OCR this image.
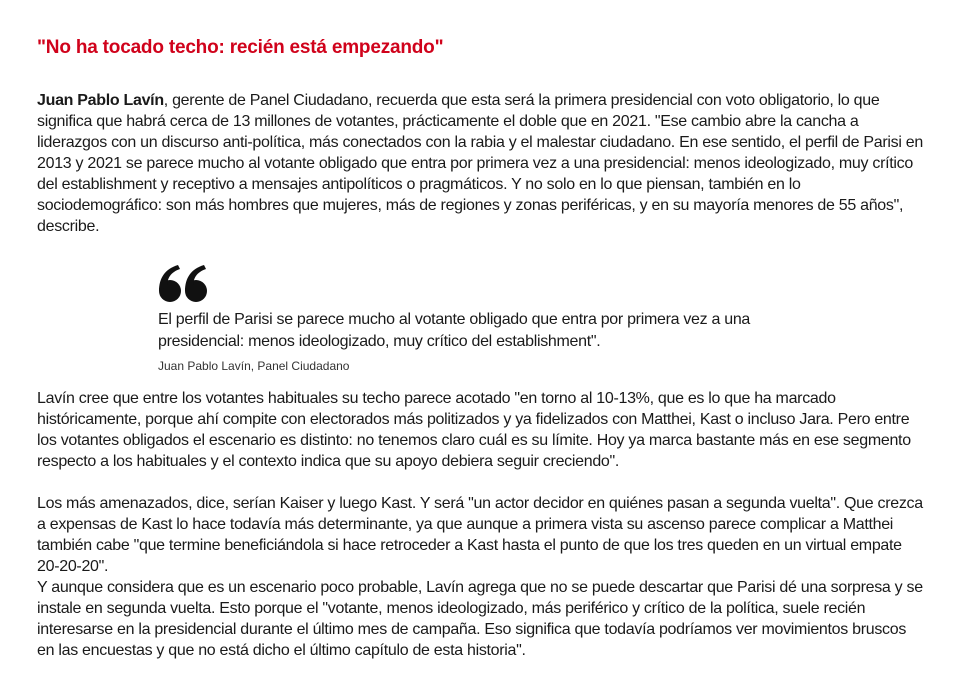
"No ha tocado techo: recién está empezando"

Juan Pablo Lavín, gerente de Panel Ciudadano, recuerda que esta será la primera presidencial con voto obligatorio, lo que significa que habrá cerca de 13 millones de votantes, prácticamente el doble que en 2021. "Ese cambio abre la cancha a liderazgos con un discurso anti-política, más conectados con la rabia y el malestar ciudadano. En ese sentido, el perfil de Parisi en 2013 y 2021 se parece mucho al votante obligado que entra por primera vez a una presidencial: menos ideologizado, muy crítico del establishment y receptivo a mensajes antipolíticos o pragmáticos. Y no solo en lo que piensan, también en lo sociodemográfico: son más hombres que mujeres, más de regiones y zonas periféricas, y en su mayoría menores de 55 años", describe.

El perfil de Parisi se parece mucho al votante obligado que entra por primera vez a una presidencial: menos ideologizado, muy crítico del establishment".

Juan Pablo Lavín, Panel Ciudadano

Lavín cree que entre los votantes habituales su techo parece acotado "en torno al 10-13%, que es lo que ha marcado históricamente, porque ahí compite con electorados más politizados y ya fidelizados con Matthei, Kast o incluso Jara. Pero entre los votantes obligados el escenario es distinto: no tenemos claro cuál es su límite. Hoy ya marca bastante más en ese segmento respecto a los habituales y el contexto indica que su apoyo debiera seguir creciendo".

Los más amenazados, dice, serían Kaiser y luego Kast. Y será "un actor decidor en quiénes pasan a segunda vuelta". Que crezca a expensas de Kast lo hace todavía más determinante, ya que aunque a primera vista su ascenso parece complicar a Matthei también cabe "que termine beneficiándola si hace retroceder a Kast hasta el punto de que los tres queden en un virtual empate 20-20-20".

Y aunque considera que es un escenario poco probable, Lavín agrega que no se puede descartar que Parisi dé una sorpresa y se instale en segunda vuelta. Esto porque el "votante, menos ideologizado, más periférico y crítico de la política, suele recién interesarse en la presidencial durante el último mes de campaña. Eso significa que todavía podríamos ver movimientos bruscos en las encuestas y que no está dicho el último capítulo de esta historia".
